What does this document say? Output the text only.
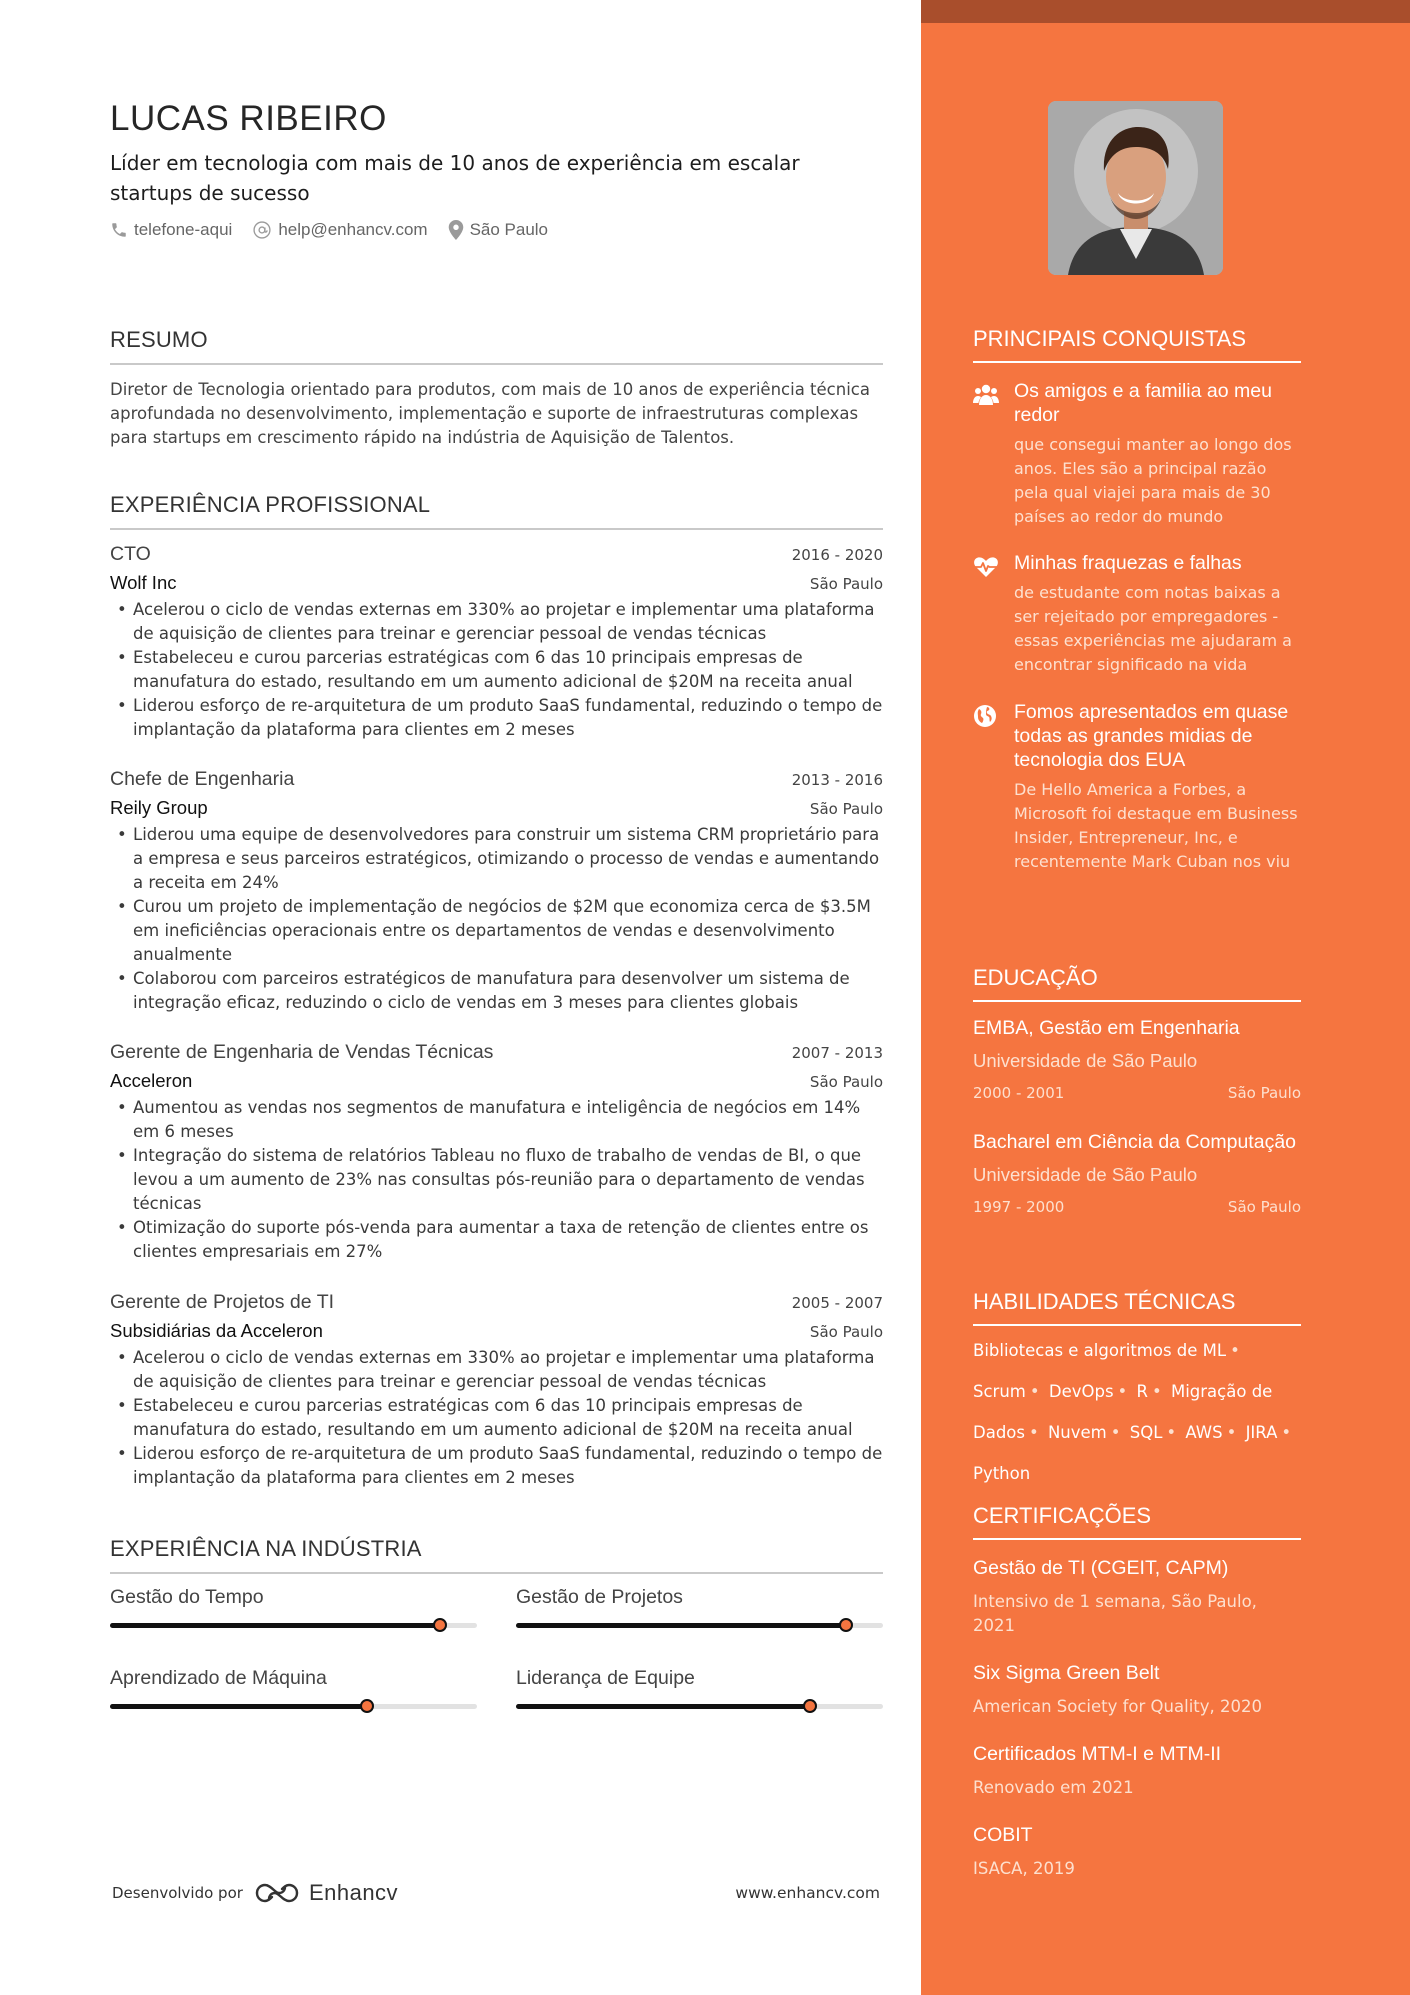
LUCAS RIBEIRO
Líder em tecnologia com mais de 10 anos de experiência em escalar startups de sucesso
telefone-aqui	help@enhancv.com São Paulo
RESUMO
Diretor de Tecnologia orientado para produtos, com mais de 10 anos de experiência técnica aprofundada no desenvolvimento, implementação e suporte de infraestruturas complexas para startups em crescimento rápido na indústria de Aquisição de Talentos.
EXPERIÊNCIA PROFISSIONAL
CTO	2016 - 2020
Wolf Inc	São Paulo
• Acelerou o ciclo de vendas externas em 330% ao projetar e implementar uma plataforma de aquisição de clientes para treinar e gerenciar pessoal de vendas técnicas
• Estabeleceu e curou parcerias estratégicas com 6 das 10 principais empresas de manufatura do estado, resultando em um aumento adicional de $20M na receita anual
• Liderou esforço de re-arquitetura de um produto SaaS fundamental, reduzindo o tempo de implantação da plataforma para clientes em 2 meses
Chefe de Engenharia	2013 - 2016
Reily Group	São Paulo
• Liderou uma equipe de desenvolvedores para construir um sistema CRM proprietário para a empresa e seus parceiros estratégicos, otimizando o processo de vendas e aumentando a receita em 24%
• Curou um projeto de implementação de negócios de $2M que economiza cerca de $3.5M em ineficiências operacionais entre os departamentos de vendas e desenvolvimento anualmente
• Colaborou com parceiros estratégicos de manufatura para desenvolver um sistema de integração eficaz, reduzindo o ciclo de vendas em 3 meses para clientes globais
Gerente de Engenharia de Vendas Técnicas	2007 - 2013
Acceleron	São Paulo
• Aumentou as vendas nos segmentos de manufatura e inteligência de negócios em 14% em 6 meses
• Integração do sistema de relatórios Tableau no fluxo de trabalho de vendas de BI, o que levou a um aumento de 23% nas consultas pós-reunião para o departamento de vendas técnicas
• Otimização do suporte pós-venda para aumentar a taxa de retenção de clientes entre os clientes empresariais em 27%
Gerente de Projetos de TI	2005 - 2007
Subsidiárias da Acceleron	São Paulo
• Acelerou o ciclo de vendas externas em 330% ao projetar e implementar uma plataforma de aquisição de clientes para treinar e gerenciar pessoal de vendas técnicas
• Estabeleceu e curou parcerias estratégicas com 6 das 10 principais empresas de manufatura do estado, resultando em um aumento adicional de $20M na receita anual
• Liderou esforço de re-arquitetura de um produto SaaS fundamental, reduzindo o tempo de implantação da plataforma para clientes em 2 meses
EXPERIÊNCIA NA INDÚSTRIA
Gestão do Tempo	Gestão de Projetos
Aprendizado de Máquina	Liderança de Equipe
Desenvolvido por	Enhancv	www.enhancv.com
PRINCIPAIS CONQUISTAS
Os amigos e a familia ao meu redor
que consegui manter ao longo dos anos. Eles são a principal razão pela qual viajei para mais de 30 países ao redor do mundo
Minhas fraquezas e falhas
de estudante com notas baixas a ser rejeitado por empregadores - essas experiências me ajudaram a encontrar significado na vida
Fomos apresentados em quase todas as grandes midias de tecnologia dos EUA
De Hello America a Forbes, a Microsoft foi destaque em Business Insider, Entrepreneur, Inc, e recentemente Mark Cuban nos viu
EDUCAÇÃO
EMBA, Gestão em Engenharia
Universidade de São Paulo
2000 - 2001	São Paulo
Bacharel em Ciência da Computação
Universidade de São Paulo
1997 - 2000	São Paulo
HABILIDADES TÉCNICAS
Bibliotecas e algoritmos de ML • Scrum • DevOps • R • Migração de Dados • Nuvem • SQL • AWS • JIRA • Python
CERTIFICAÇÕES
Gestão de TI (CGEIT, CAPM)
Intensivo de 1 semana, São Paulo, 2021
Six Sigma Green Belt
American Society for Quality, 2020
Certificados MTM-I e MTM-II
Renovado em 2021
COBIT
ISACA, 2019
